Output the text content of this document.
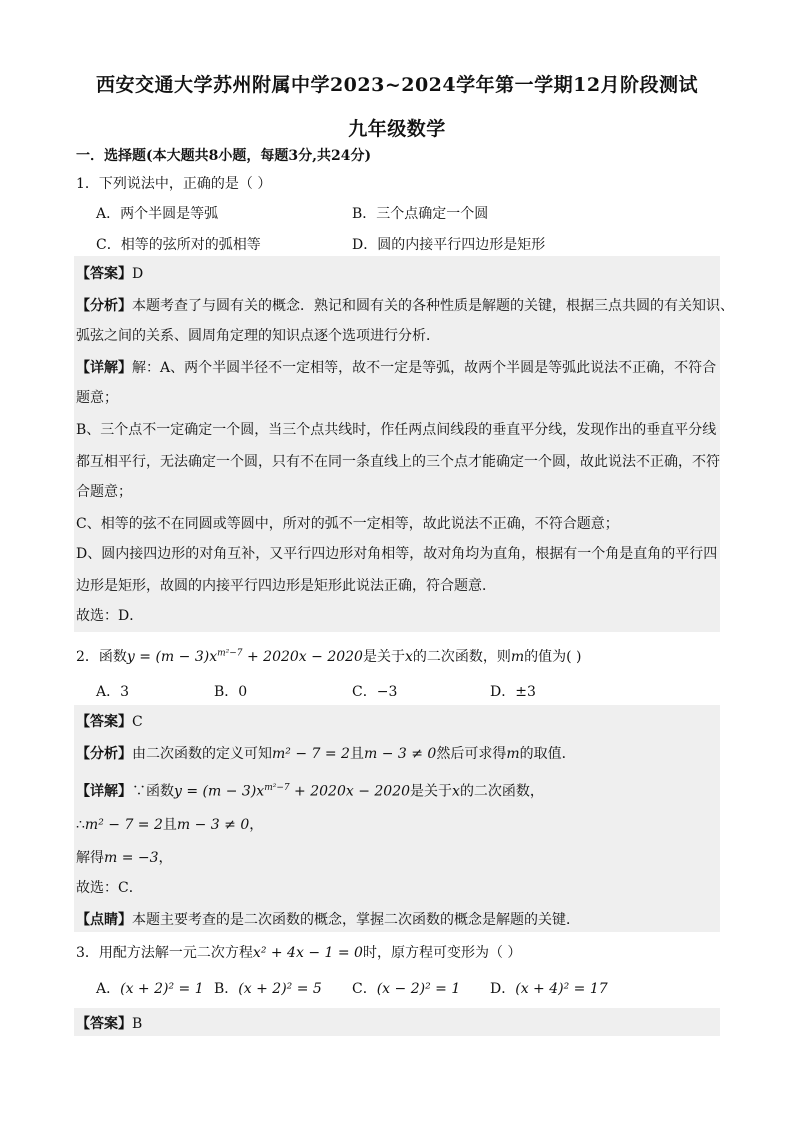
西安交通大学苏州附属中学2023~2024学年第一学期12月阶段测试
九年级数学
一．选择题(本大题共8小题，每题3分,共24分)
1．下列说法中，正确的是（ ）
A．两个半圆是等弧	B．三个点确定一个圆
C．相等的弦所对的弧相等	D．圆的内接平行四边形是矩形
【答案】D
【分析】本题考查了与圆有关的概念．熟记和圆有关的各种性质是解题的关键，根据三点共圆的有关知识、
弧弦之间的关系、圆周角定理的知识点逐个选项进行分析．
【详解】解：A、两个半圆半径不一定相等，故不一定是等弧，故两个半圆是等弧此说法不正确，不符合
题意；
B、三个点不一定确定一个圆，当三个点共线时，作任两点间线段的垂直平分线，发现作出的垂直平分线
都互相平行，无法确定一个圆，只有不在同一条直线上的三个点才能确定一个圆，故此说法不正确，不符
合题意；
C、相等的弦不在同圆或等圆中，所对的弧不一定相等，故此说法不正确，不符合题意；
D、圆内接四边形的对角互补，又平行四边形对角相等，故对角均为直角，根据有一个角是直角的平行四
边形是矩形，故圆的内接平行四边形是矩形此说法正确，符合题意．
故选：D．
2．函数$y = (m - 3)x^{m^2-7} + 2020x - 2020$是关于x的二次函数，则m的值为( )
A．3	B．0	C．−3	D．±3
【答案】C
【分析】由二次函数的定义可知m² − 7 = 2且m − 3 ≠ 0然后可求得m的取值．
【详解】∵函数$y = (m - 3)x^{m^2-7} + 2020x - 2020$是关于x的二次函数，
∴m² − 7 = 2且m − 3 ≠ 0，
解得m = −3，
故选：C．
【点睛】本题主要考查的是二次函数的概念，掌握二次函数的概念是解题的关键．
3．用配方法解一元二次方程x² + 4x − 1 = 0时，原方程可变形为（ ）
A．(x + 2)² = 1 B．(x + 2)² = 5 C．(x − 2)² = 1 D．(x + 4)² = 17
【答案】B
